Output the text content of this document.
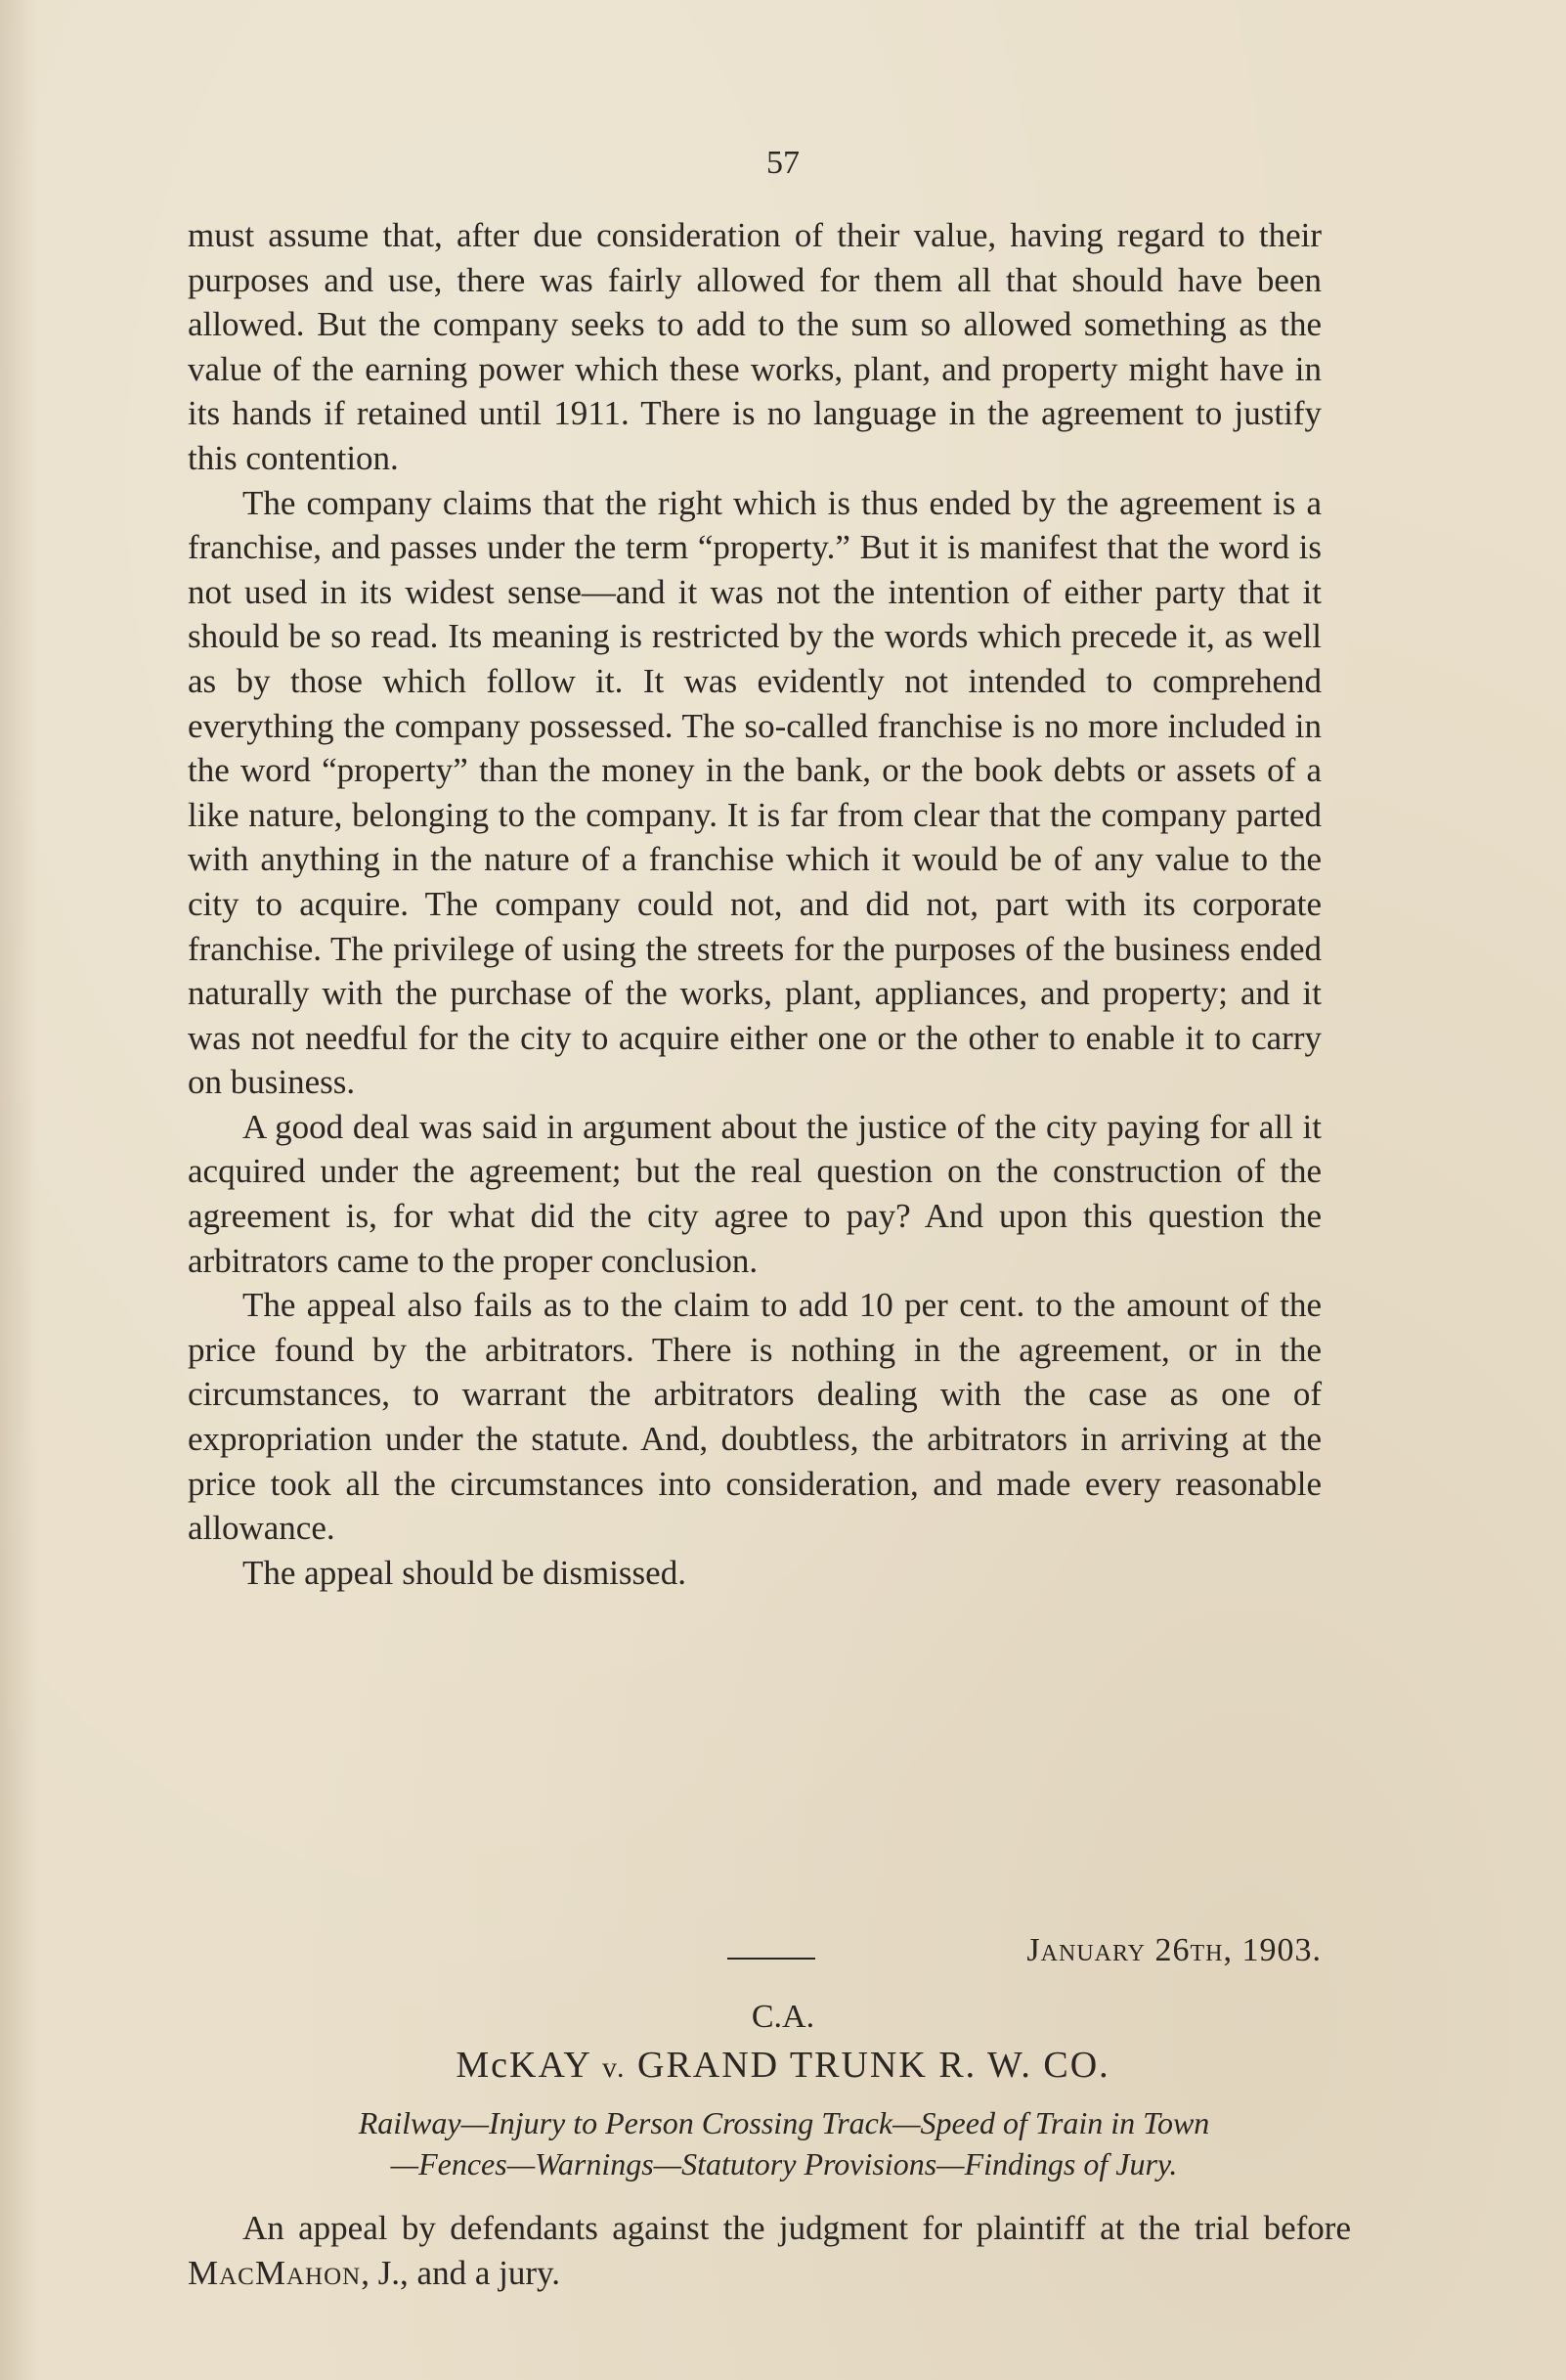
57

must assume that, after due consideration of their value, having regard to their purposes and use, there was fairly allowed for them all that should have been allowed. But the company seeks to add to the sum so allowed something as the value of the earning power which these works, plant, and property might have in its hands if retained until 1911. There is no language in the agreement to justify this contention.

The company claims that the right which is thus ended by the agreement is a franchise, and passes under the term “property.” But it is manifest that the word is not used in its widest sense—and it was not the intention of either party that it should be so read. Its meaning is restricted by the words which precede it, as well as by those which follow it. It was evidently not intended to comprehend everything the company possessed. The so-called franchise is no more included in the word “property” than the money in the bank, or the book debts or assets of a like nature, belonging to the company. It is far from clear that the company parted with anything in the nature of a franchise which it would be of any value to the city to acquire. The company could not, and did not, part with its corporate franchise. The privilege of using the streets for the purposes of the business ended naturally with the purchase of the works, plant, appliances, and property; and it was not needful for the city to acquire either one or the other to enable it to carry on business.

A good deal was said in argument about the justice of the city paying for all it acquired under the agreement; but the real question on the construction of the agreement is, for what did the city agree to pay? And upon this question the arbitrators came to the proper conclusion.

The appeal also fails as to the claim to add 10 per cent. to the amount of the price found by the arbitrators. There is nothing in the agreement, or in the circumstances, to warrant the arbitrators dealing with the case as one of expropriation under the statute. And, doubtless, the arbitrators in arriving at the price took all the circumstances into consideration, and made every reasonable allowance.

The appeal should be dismissed.

January 26th, 1903.
C.A.
McKAY v. GRAND TRUNK R. W. CO.
Railway—Injury to Person Crossing Track—Speed of Train in Town
—Fences—Warnings—Statutory Provisions—Findings of Jury.

An appeal by defendants against the judgment for plaintiff at the trial before MacMahon, J., and a jury.
